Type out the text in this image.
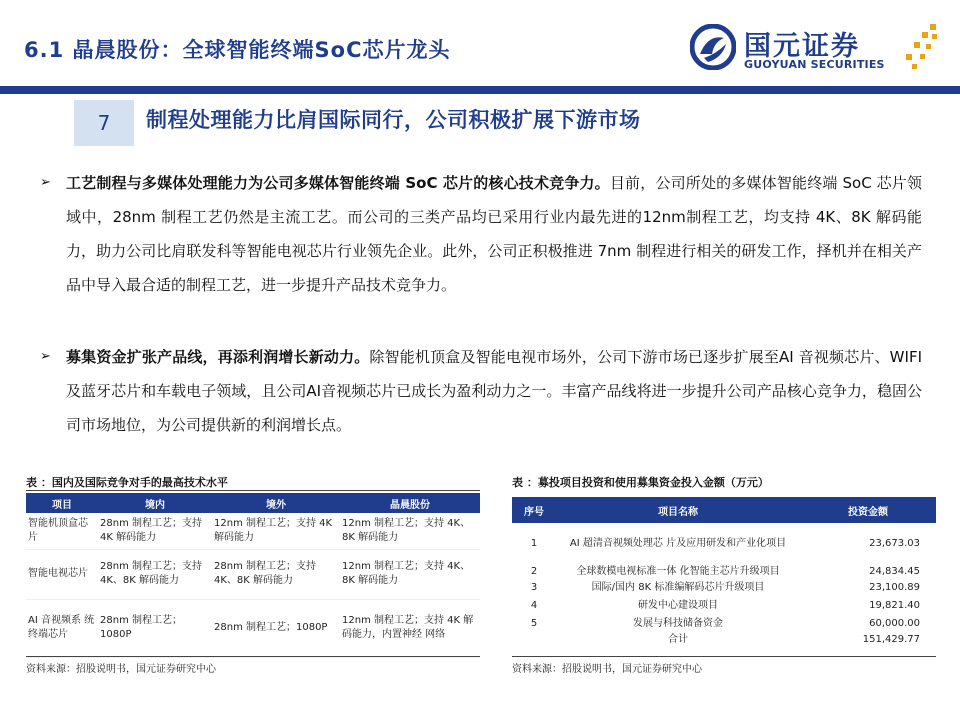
6.1 晶晨股份：全球智能终端SoC芯片龙头	国元证券
GUOYUAN SECURITIES
7	制程处理能力比肩国际同行，公司积极扩展下游市场
➢	工艺制程与多媒体处理能力为公司多媒体智能终端 SoC 芯片的核心技术竞争力。目前，公司所处的多媒体智能终端 SoC 芯片领域中，28nm 制程工艺仍然是主流工艺。而公司的三类产品均已采用行业内最先进的12nm制程工艺，均支持 4K、8K 解码能力，助力公司比肩联发科等智能电视芯片行业领先企业。此外，公司正积极推进 7nm 制程进行相关的研发工作，择机并在相关产品中导入最合适的制程工艺，进一步提升产品技术竞争力。
➢	募集资金扩张产品线，再添利润增长新动力。除智能机顶盒及智能电视市场外，公司下游市场已逐步扩展至AI 音视频芯片、WIFI 及蓝牙芯片和车载电子领域，且公司AI音视频芯片已成长为盈利动力之一。丰富产品线将进一步提升公司产品核心竞争力，稳固公司市场地位，为公司提供新的利润增长点。
表 ：国内及国际竞争对手的最高技术水平
项目	境内	境外	晶晨股份
智能机顶盒芯片	28nm 制程工艺；支持 4K 解码能力	12nm 制程工艺；支持 4K 解码能力	12nm 制程工艺；支持 4K、8K 解码能力
智能电视芯片	28nm 制程工艺；支持 4K、8K 解码能力	28nm 制程工艺；支持 4K、8K 解码能力	12nm 制程工艺；支持 4K、8K 解码能力
AI 音视频系 统终端芯片	28nm 制程工艺；1080P	28nm 制程工艺；1080P	12nm 制程工艺；支持 4K 解码能力，内置神经 网络
资料来源：招股说明书，国元证券研究中心
表 ：募投项目投资和使用募集资金投入金额（万元）
序号	项目名称	投资金额
1	AI 超清音视频处理芯 片及应用研发和产业化项目	23,673.03
2	全球数模电视标准一体 化智能主芯片升级项目	24,834.45
3	国际/国内 8K 标准编解码芯片升级项目	23,100.89
4	研发中心建设项目	19,821.40
5	发展与科技储备资金	60,000.00
	合计	151,429.77
资料来源：招股说明书，国元证券研究中心
